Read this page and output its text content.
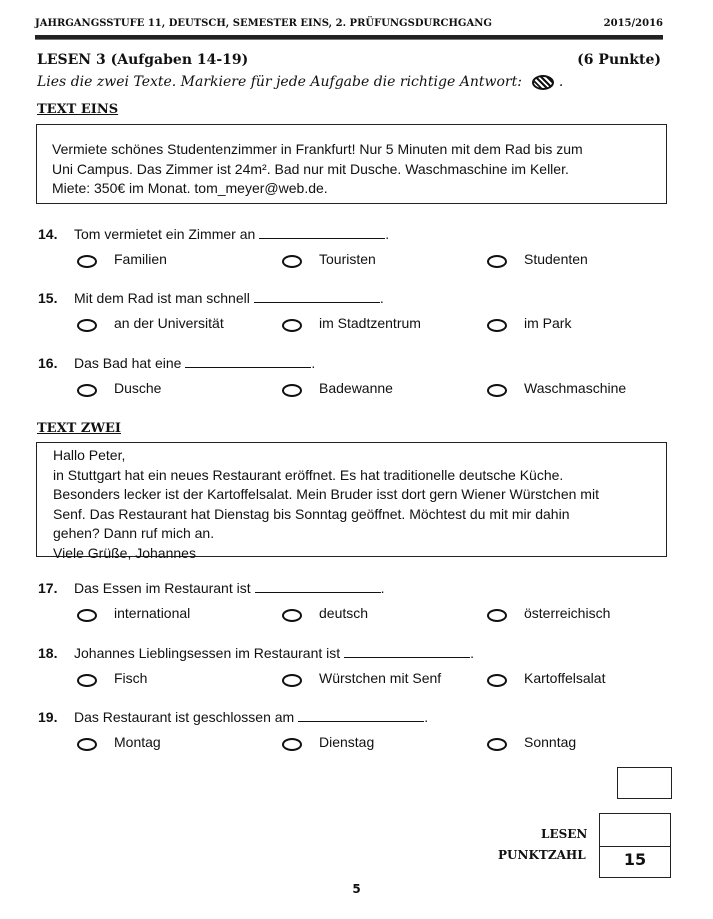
JAHRGANGSSTUFE 11, DEUTSCH, SEMESTER EINS, 2. PRÜFUNGSDURCHGANG	2015/2016
LESEN 3 (Aufgaben 14-19)	(6 Punkte)
Lies die zwei Texte. Markiere für jede Aufgabe die richtige Antwort:	.
TEXT EINS
Vermiete schönes Studentenzimmer in Frankfurt! Nur 5 Minuten mit dem Rad bis zum
Uni Campus. Das Zimmer ist 24m². Bad nur mit Dusche. Waschmaschine im Keller.
Miete: 350€ im Monat. tom_meyer@web.de.
14. Tom vermietet ein Zimmer an	.
Familien	Touristen	Studenten
15. Mit dem Rad ist man schnell	.
an der Universität	im Stadtzentrum	im Park
16. Das Bad hat eine	.
Dusche	Badewanne	Waschmaschine
TEXT ZWEI
Hallo Peter,
in Stuttgart hat ein neues Restaurant eröffnet. Es hat traditionelle deutsche Küche.
Besonders lecker ist der Kartoffelsalat. Mein Bruder isst dort gern Wiener Würstchen mit
Senf. Das Restaurant hat Dienstag bis Sonntag geöffnet. Möchtest du mit mir dahin
gehen? Dann ruf mich an.
Viele Grüße, Johannes
17. Das Essen im Restaurant ist	.
international	deutsch	österreichisch
18. Johannes Lieblingsessen im Restaurant ist	.
Fisch	Würstchen mit Senf	Kartoffelsalat
19. Das Restaurant ist geschlossen am	.
Montag	Dienstag	Sonntag
LESEN
PUNKTZAHL	15
5
